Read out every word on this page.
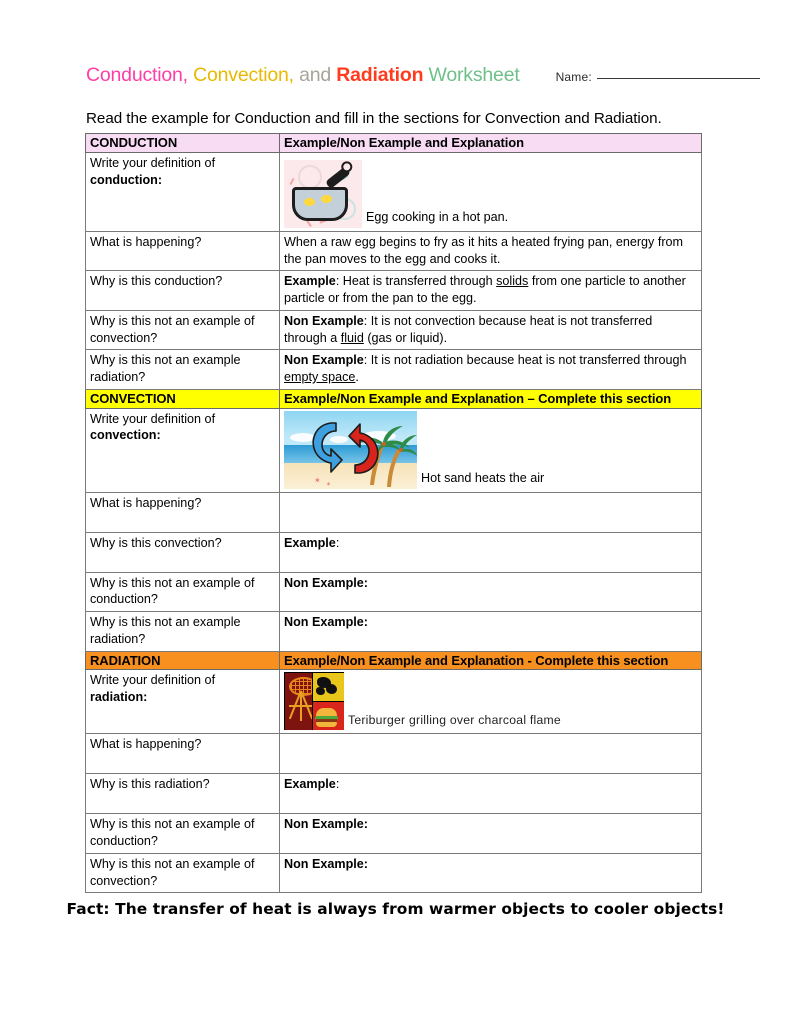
Conduction, Convection, and Radiation Worksheet	Name:
Read the example for Conduction and fill in the sections for Convection and Radiation.
CONDUCTION	Example/Non Example and Explanation
Write your definition of
conduction:	Egg cooking in a hot pan.

What is happening?	When a raw egg begins to fry as it hits a heated frying pan, energy from the pan moves to the egg and cooks it.
Why is this conduction?	Example: Heat is transferred through solids from one particle to another particle or from the pan to the egg.
Why is this not an example of convection?	Non Example: It is not convection because heat is not transferred through a fluid (gas or liquid).
Why is this not an example radiation?	Non Example: It is not radiation because heat is not transferred through empty space.
CONVECTION	Example/Non Example and Explanation – Complete this section
Write your definition of
convection:	✶ ✶ Hot sand heats the air

What is happening?	
Why is this convection?	Example:
Why is this not an example of conduction?	Non Example:
Why is this not an example radiation?	Non Example:
RADIATION	Example/Non Example and Explanation - Complete this section
Write your definition of
radiation:	Teriburger grilling over charcoal flame

What is happening?	
Why is this radiation?	Example:
Why is this not an example of conduction?	Non Example:
Why is this not an example of convection?	Non Example:
Fact: The transfer of heat is always from warmer objects to cooler objects!
